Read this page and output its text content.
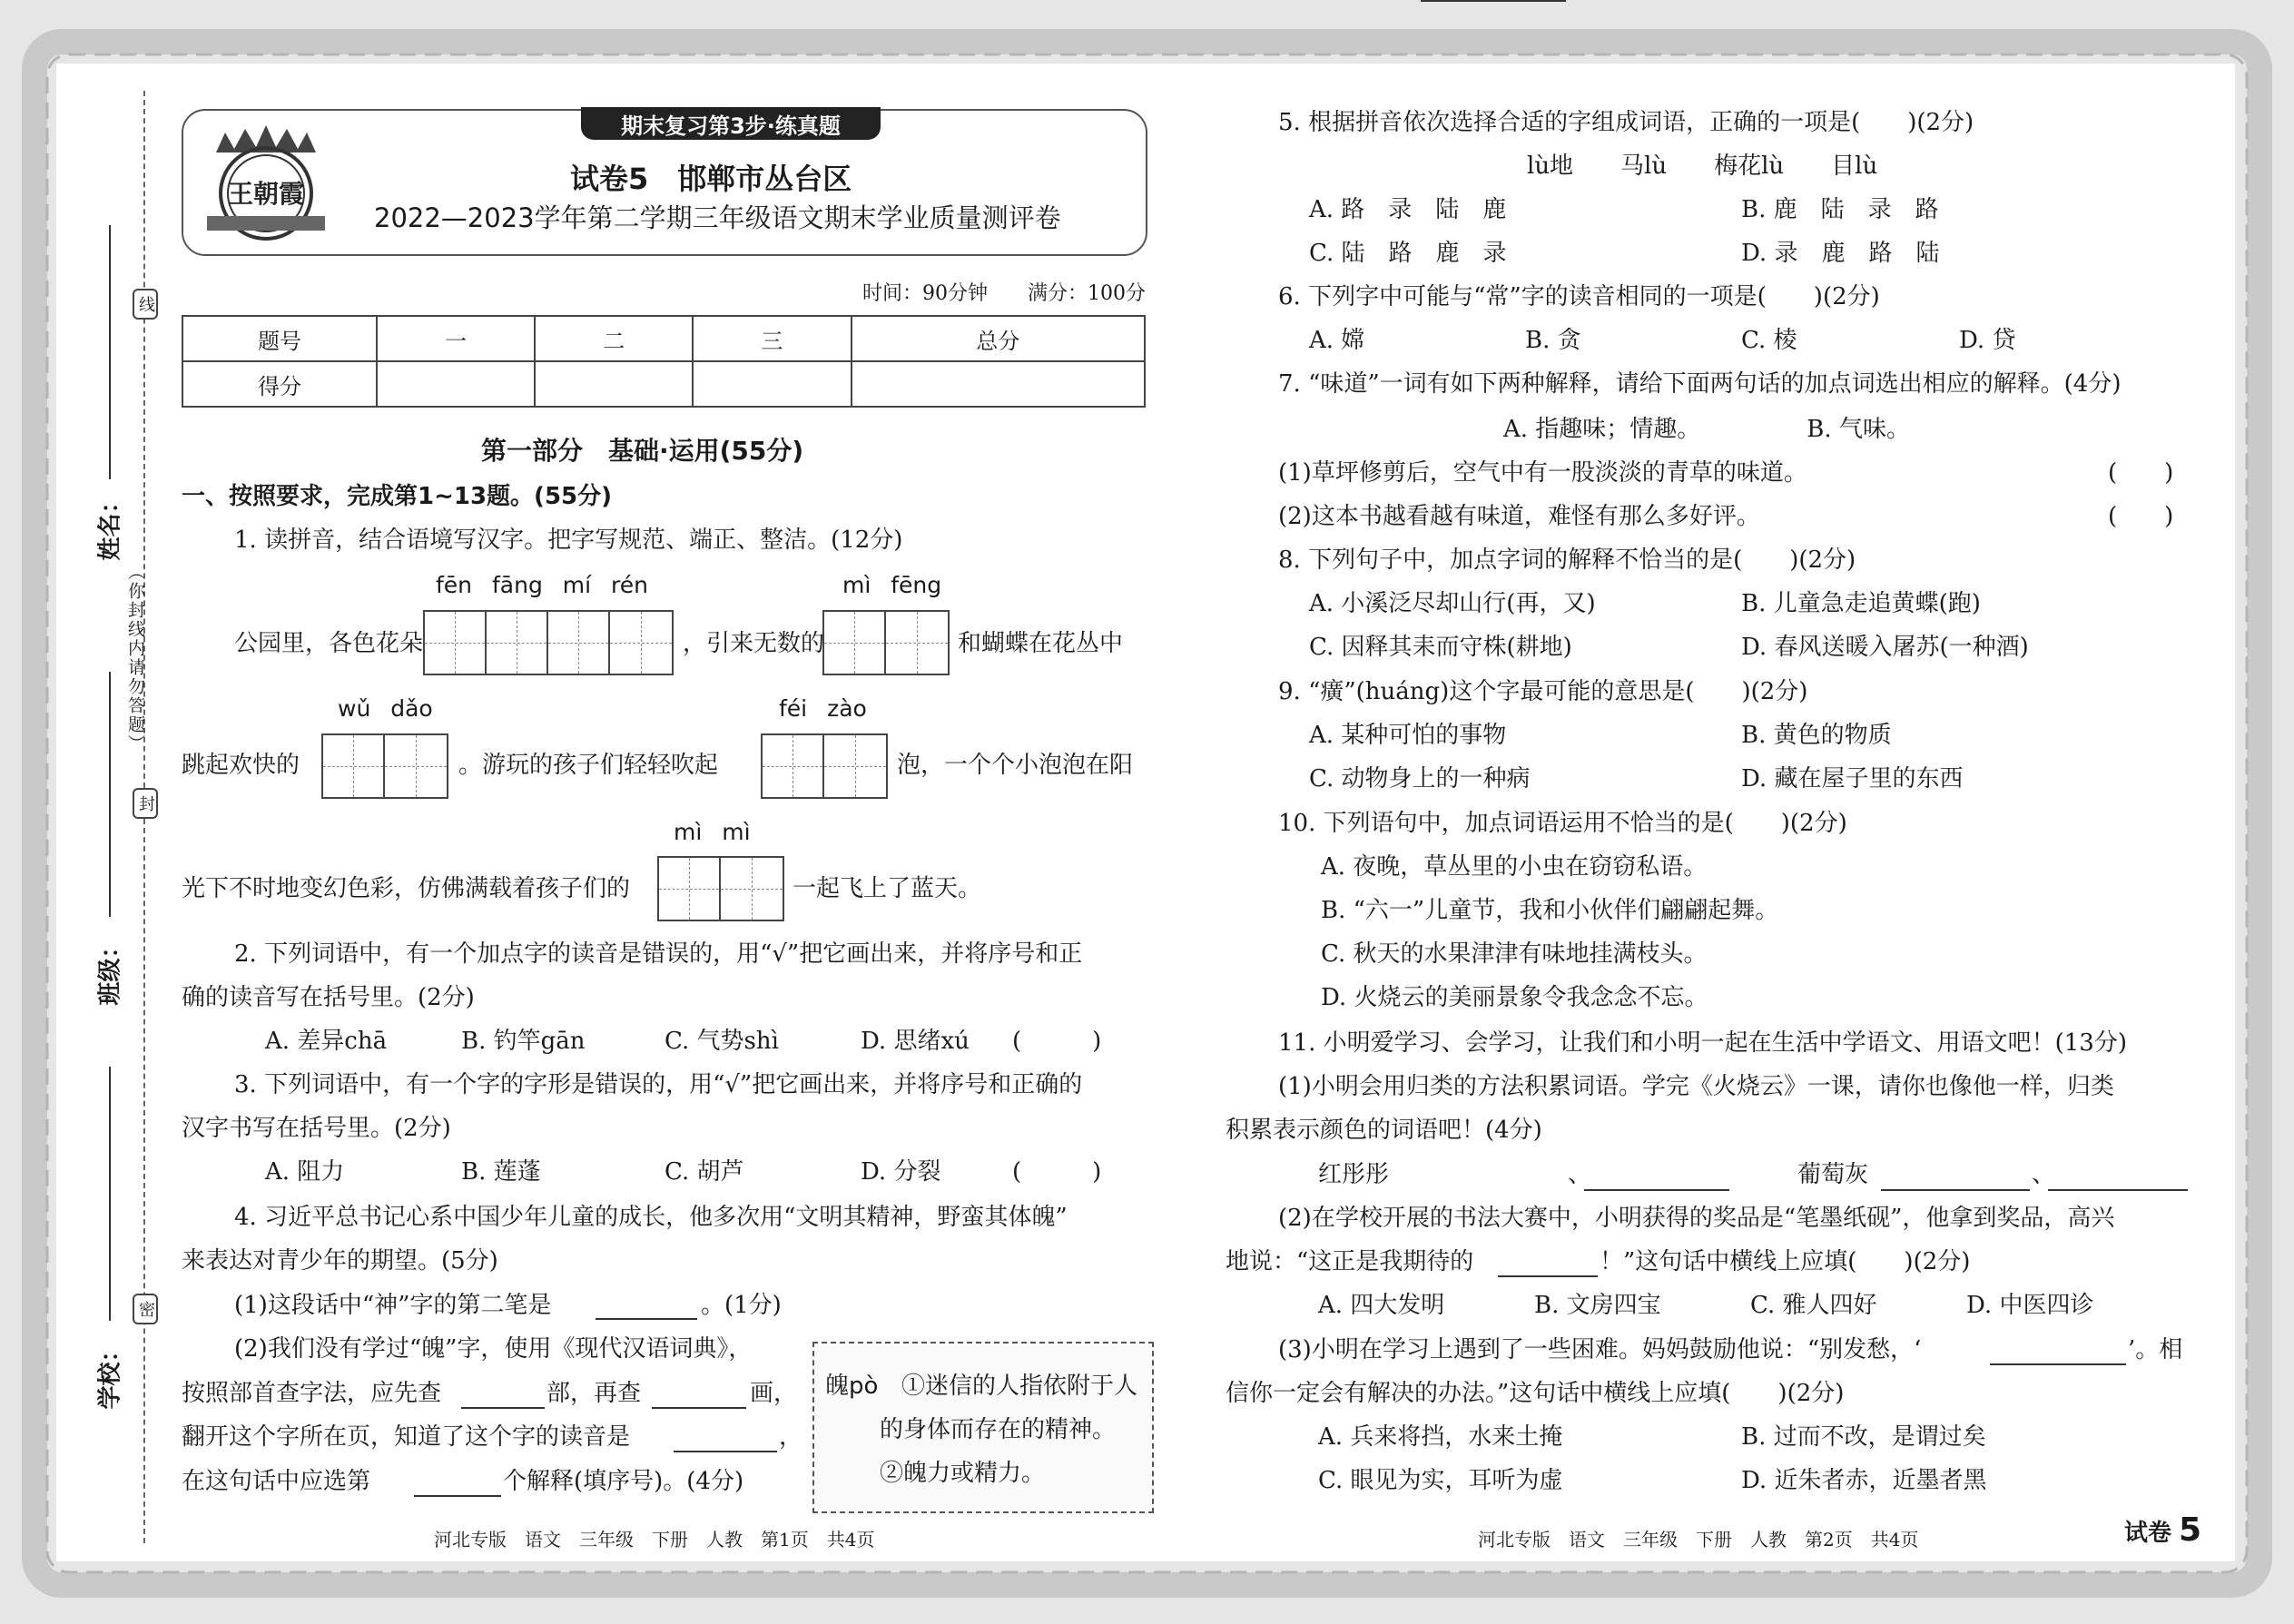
线
封
密
（你封线内请勿答题）
姓名：
班级：
学校：
期末复习第3步·练真题
王朝霞	试卷5　邯郸市丛台区
2022—2023学年第二学期三年级语文期末学业质量测评卷
时间：90分钟　　满分：100分
题号	一	二	三	总分
得分				
第一部分　基础·运用(55分)
一、按照要求，完成第1~13题。(55分)
1. 读拼音，结合语境写汉字。把字写规范、端正、整洁。(12分)
fēn fāng mí rén	mì fēng
公园里，各色花朵	，引来无数的	和蝴蝶在花丛中
wǔ dǎo	féi zào
跳起欢快的	。游玩的孩子们轻轻吹起	泡，一个个小泡泡在阳
mì mì
光下不时地变幻色彩，仿佛满载着孩子们的	一起飞上了蓝天。
2. 下列词语中，有一个加点字的读音是错误的，用“√”把它画出来，并将序号和正
确的读音写在括号里。(2分)
A. 差异chā	B. 钓竿gān	C. 气势shì	D. 思绪xú (　　　)
3. 下列词语中，有一个字的字形是错误的，用“√”把它画出来，并将序号和正确的
汉字书写在括号里。(2分)
A. 阻力	B. 莲蓬	C. 胡芦	D. 分裂	(　　　)
4. 习近平总书记心系中国少年儿童的成长，他多次用“文明其精神，野蛮其体魄”
来表达对青少年的期望。(5分)
(1)这段话中“神”字的第二笔是	。(1分)
(2)我们没有学过“魄”字，使用《现代汉语词典》，
按照部首查字法，应先查	部，再查	画，
翻开这个字所在页，知道了这个字的读音是	，
在这句话中应选第	个解释(填序号)。(4分)
魄pò ①迷信的人指依附于人
的身体而存在的精神。
②魄力或精力。
河北专版　语文　三年级　下册　人教　第1页　共4页
5. 根据拼音依次选择合适的字组成词语，正确的一项是(　　)(2分)
lù地　　马lù　　梅花lù　　目lù
A. 路　录　陆　鹿	B. 鹿　陆　录　路
C. 陆　路　鹿　录	D. 录　鹿　路　陆
6. 下列字中可能与“常”字的读音相同的一项是(　　)(2分)
A. 嫦	B. 贪	C. 棱	D. 贷
7. “味道”一词有如下两种解释，请给下面两句话的加点词选出相应的解释。(4分)
A. 指趣味；情趣。　　　　　B. 气味。
(1)草坪修剪后，空气中有一股淡淡的青草的味道。	(　　)
(2)这本书越看越有味道，难怪有那么多好评。	(　　)
8. 下列句子中，加点字词的解释不恰当的是(　　)(2分)
A. 小溪泛尽却山行(再，又)	B. 儿童急走追黄蝶(跑)
C. 因释其耒而守株(耕地)	D. 春风送暖入屠苏(一种酒)
9. “癀”(huáng)这个字最可能的意思是(　　)(2分)
A. 某种可怕的事物	B. 黄色的物质
C. 动物身上的一种病	D. 藏在屋子里的东西
10. 下列语句中，加点词语运用不恰当的是(　　)(2分)
A. 夜晚，草丛里的小虫在窃窃私语。
B. “六一”儿童节，我和小伙伴们翩翩起舞。
C. 秋天的水果津津有味地挂满枝头。
D. 火烧云的美丽景象令我念念不忘。
11. 小明爱学习、会学习，让我们和小明一起在生活中学语文、用语文吧！(13分)
(1)小明会用归类的方法积累词语。学完《火烧云》一课，请你也像他一样，归类
积累表示颜色的词语吧！(4分)
红彤彤	、	葡萄灰	、
(2)在学校开展的书法大赛中，小明获得的奖品是“笔墨纸砚”，他拿到奖品，高兴
地说：“这正是我期待的	！”这句话中横线上应填(　　)(2分)
A. 四大发明	B. 文房四宝	C. 雅人四好	D. 中医四诊
(3)小明在学习上遇到了一些困难。妈妈鼓励他说：“别发愁，‘	’。相
信你一定会有解决的办法。”这句话中横线上应填(　　)(2分)
A. 兵来将挡，水来土掩	B. 过而不改，是谓过矣
C. 眼见为实，耳听为虚	D. 近朱者赤，近墨者黑
河北专版　语文　三年级　下册　人教　第2页　共4页	试卷 5
